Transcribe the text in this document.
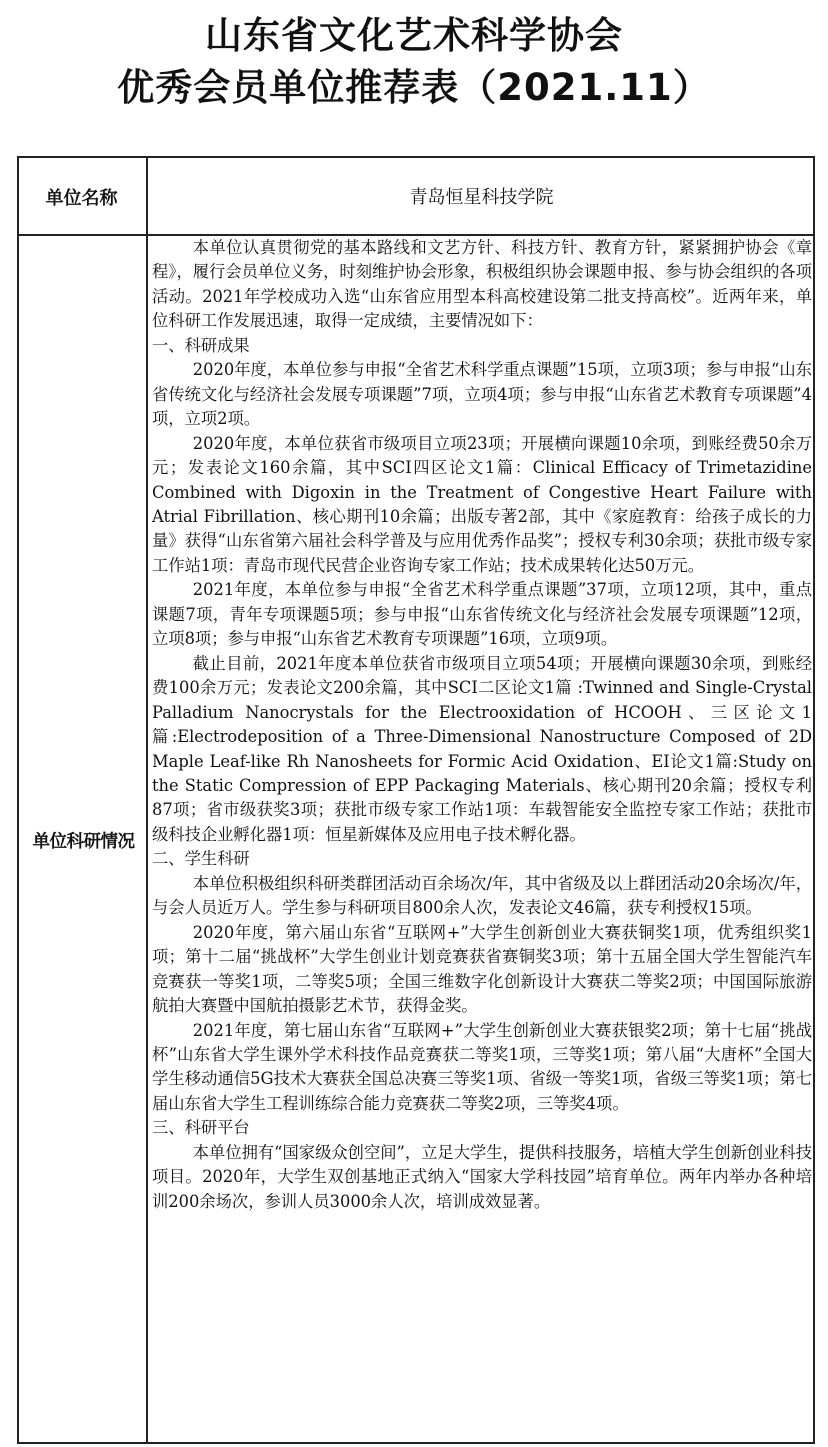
山东省文化艺术科学协会
优秀会员单位推荐表（2021.11）
单位名称	青岛恒星科技学院
单位科研情况

本单位认真贯彻党的基本路线和文艺方针、科技方针、教育方针，紧紧拥护协会《章程》，履行会员单位义务，时刻维护协会形象，积极组织协会课题申报、参与协会组织的各项活动。2021年学校成功入选“山东省应用型本科高校建设第二批支持高校”。近两年来，单位科研工作发展迅速，取得一定成绩，主要情况如下：

一、科研成果

2020年度，本单位参与申报“全省艺术科学重点课题”15项，立项3项；参与申报“山东省传统文化与经济社会发展专项课题”7项，立项4项；参与申报“山东省艺术教育专项课题”4项，立项2项。

2020年度，本单位获省市级项目立项23项；开展横向课题10余项，到账经费50余万元；发表论文160余篇，其中SCI四区论文1篇：Clinical Efficacy of Trimetazidine Combined with Digoxin in the Treatment of Congestive Heart Failure with Atrial Fibrillation、核心期刊10余篇；出版专著2部，其中《家庭教育：给孩子成长的力量》获得“山东省第六届社会科学普及与应用优秀作品奖”；授权专利30余项；获批市级专家工作站1项：青岛市现代民营企业咨询专家工作站；技术成果转化达50万元。

2021年度，本单位参与申报“全省艺术科学重点课题”37项，立项12项，其中，重点课题7项，青年专项课题5项；参与申报“山东省传统文化与经济社会发展专项课题”12项，立项8项；参与申报“山东省艺术教育专项课题”16项，立项9项。

截止目前，2021年度本单位获省市级项目立项54项；开展横向课题30余项，到账经费100余万元；发表论文200余篇，其中SCI二区论文1篇 :Twinned and Single-Crystal Palladium Nanocrystals for the Electrooxidation of HCOOH、三区论文1篇:Electrodeposition of a Three-Dimensional Nanostructure Composed of 2D Maple Leaf-like Rh Nanosheets for Formic Acid Oxidation、EI论文1篇:Study on the Static Compression of EPP Packaging Materials、核心期刊20余篇；授权专利87项；省市级获奖3项；获批市级专家工作站1项：车载智能安全监控专家工作站；获批市级科技企业孵化器1项：恒星新媒体及应用电子技术孵化器。

二、学生科研

本单位积极组织科研类群团活动百余场次/年，其中省级及以上群团活动20余场次/年，与会人员近万人。学生参与科研项目800余人次，发表论文46篇，获专利授权15项。

2020年度，第六届山东省“互联网+”大学生创新创业大赛获铜奖1项，优秀组织奖1项；第十二届“挑战杯”大学生创业计划竞赛获省赛铜奖3项；第十五届全国大学生智能汽车竞赛获一等奖1项，二等奖5项；全国三维数字化创新设计大赛获二等奖2项；中国国际旅游航拍大赛暨中国航拍摄影艺术节，获得金奖。

2021年度，第七届山东省“互联网+”大学生创新创业大赛获银奖2项；第十七届“挑战杯”山东省大学生课外学术科技作品竞赛获二等奖1项，三等奖1项；第八届“大唐杯”全国大学生移动通信5G技术大赛获全国总决赛三等奖1项、省级一等奖1项，省级三等奖1项；第七届山东省大学生工程训练综合能力竞赛获二等奖2项，三等奖4项。

三、科研平台

本单位拥有“国家级众创空间”，立足大学生，提供科技服务，培植大学生创新创业科技项目。2020年，大学生双创基地正式纳入“国家大学科技园”培育单位。两年内举办各种培训200余场次，参训人员3000余人次，培训成效显著。
